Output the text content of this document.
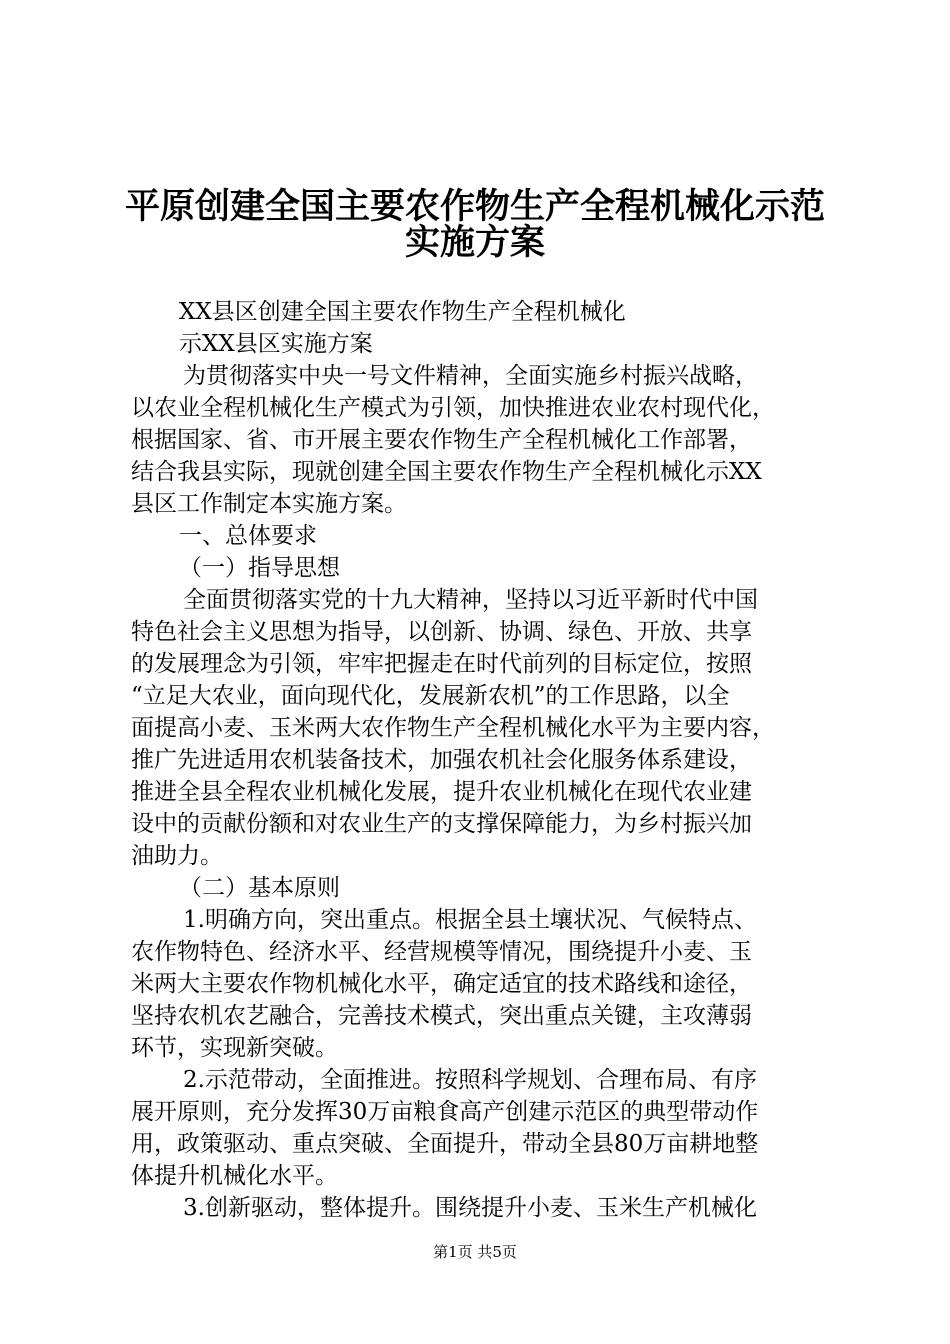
平原创建全国主要农作物生产全程机械化示范
实施方案
XX县区创建全国主要农作物生产全程机械化
示XX县区实施方案
为贯彻落实中央一号文件精神，全面实施乡村振兴战略，
以农业全程机械化生产模式为引领，加快推进农业农村现代化，
根据国家、省、市开展主要农作物生产全程机械化工作部署，
结合我县实际，现就创建全国主要农作物生产全程机械化示XX
县区工作制定本实施方案。
一、总体要求
（一）指导思想
全面贯彻落实党的十九大精神，坚持以习近平新时代中国
特色社会主义思想为指导，以创新、协调、绿色、开放、共享
的发展理念为引领，牢牢把握走在时代前列的目标定位，按照
“立足大农业，面向现代化，发展新农机”的工作思路，以全
面提高小麦、玉米两大农作物生产全程机械化水平为主要内容，
推广先进适用农机装备技术，加强农机社会化服务体系建设，
推进全县全程农业机械化发展，提升农业机械化在现代农业建
设中的贡献份额和对农业生产的支撑保障能力，为乡村振兴加
油助力。
（二）基本原则
1.明确方向，突出重点。根据全县土壤状况、气候特点、
农作物特色、经济水平、经营规模等情况，围绕提升小麦、玉
米两大主要农作物机械化水平，确定适宜的技术路线和途径，
坚持农机农艺融合，完善技术模式，突出重点关键，主攻薄弱
环节，实现新突破。
2.示范带动，全面推进。按照科学规划、合理布局、有序
展开原则，充分发挥30万亩粮食高产创建示范区的典型带动作
用，政策驱动、重点突破、全面提升，带动全县80万亩耕地整
体提升机械化水平。
3.创新驱动，整体提升。围绕提升小麦、玉米生产机械化
第1页 共5页
